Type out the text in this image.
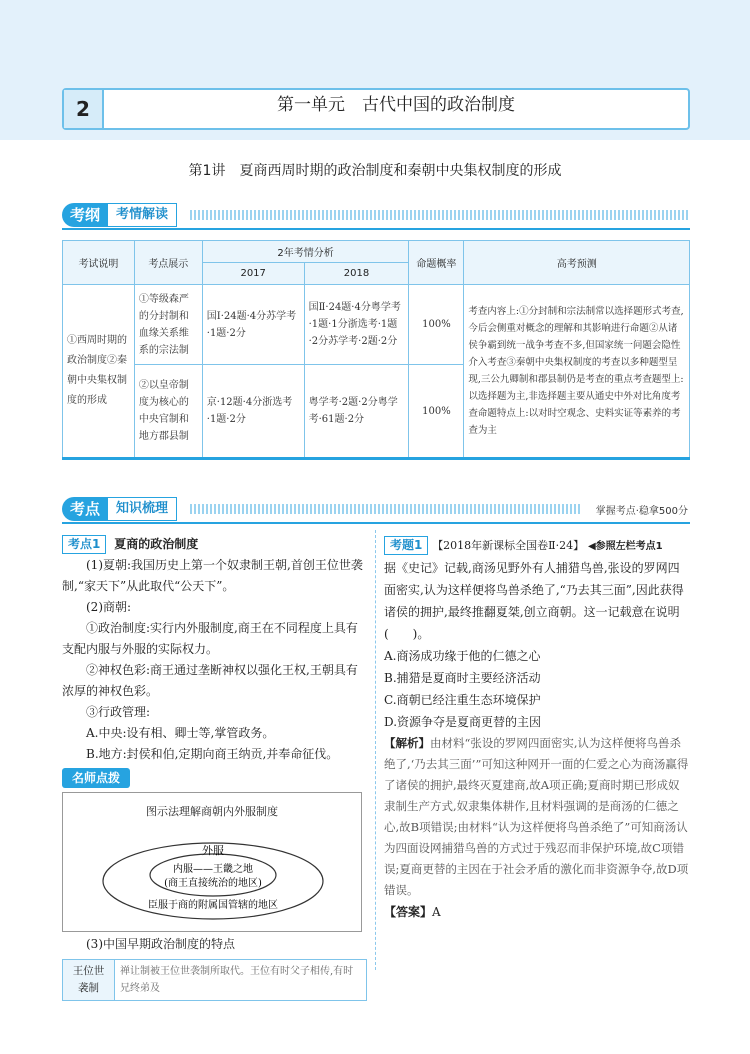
2	第一单元　古代中国的政治制度
第1讲　夏商西周时期的政治制度和秦朝中央集权制度的形成
考纲	考情解读
考试说明	考点展示	2年考情分析		命题概率	高考预测
		2017	2018		
①西周时期的政治制度②秦朝中央集权制度的形成	①等级森严的分封制和血缘关系维系的宗法制	国Ⅰ·24题·4分苏学考·1题·2分	国Ⅱ·24题·4分粤学考·1题·1分浙选考·1题·2分苏学考·2题·2分	100%	考查内容上:①分封制和宗法制常以选择题形式考查,今后会侧重对概念的理解和其影响进行命题②从诸侯争霸到统一战争考查不多,但国家统一问题会隐性介入考查③秦朝中央集权制度的考查以多种题型呈现,三公九卿制和郡县制仍是考查的重点考查题型上:以选择题为主,非选择题主要从通史中外对比角度考查命题特点上:以对时空观念、史料实证等素养的考查为主
	②以皇帝制度为核心的中央官制和地方郡县制	京·12题·4分浙选考·1题·2分	粤学考·2题·2分粤学考·61题·2分	100%	
考点	知识梳理	掌握考点·稳拿500分
考点1 夏商的政治制度

(1)夏朝:我国历史上第一个奴隶制王朝,首创王位世袭制,“家天下”从此取代“公天下”。

(2)商朝:

①政治制度:实行内外服制度,商王在不同程度上具有支配内服与外服的实际权力。

②神权色彩:商王通过垄断神权以强化王权,王朝具有浓厚的神权色彩。

③行政管理:

A.中央:设有相、卿士等,掌管政务。

B.地方:封侯和伯,定期向商王纳贡,并奉命征伐。

名师点拨
图示法理解商朝内外服制度
外服
内服——王畿之地
(商王直接统治的地区)
臣服于商的附属国管辖的地区

(3)中国早期政治制度的特点

王位世袭制	禅让制被王位世袭制所取代。王位有时父子相传,有时兄终弟及
考题1 【2018年新课标全国卷Ⅱ·24】 ◀参照左栏考点1

据《史记》记载,商汤见野外有人捕猎鸟兽,张设的罗网四面密实,认为这样便将鸟兽杀绝了,“乃去其三面”,因此获得诸侯的拥护,最终推翻夏桀,创立商朝。这一记载意在说明(　　)。

A.商汤成功缘于他的仁德之心

B.捕猎是夏商时主要经济活动

C.商朝已经注重生态环境保护

D.资源争夺是夏商更替的主因

【解析】由材料“张设的罗网四面密实,认为这样便将鸟兽杀绝了,‘乃去其三面’”可知这种网开一面的仁爱之心为商汤赢得了诸侯的拥护,最终灭夏建商,故A项正确;夏商时期已形成奴隶制生产方式,奴隶集体耕作,且材料强调的是商汤的仁德之心,故B项错误;由材料“认为这样便将鸟兽杀绝了”可知商汤认为四面设网捕猎鸟兽的方式过于残忍而非保护环境,故C项错误;夏商更替的主因在于社会矛盾的激化而非资源争夺,故D项错误。

【答案】A
